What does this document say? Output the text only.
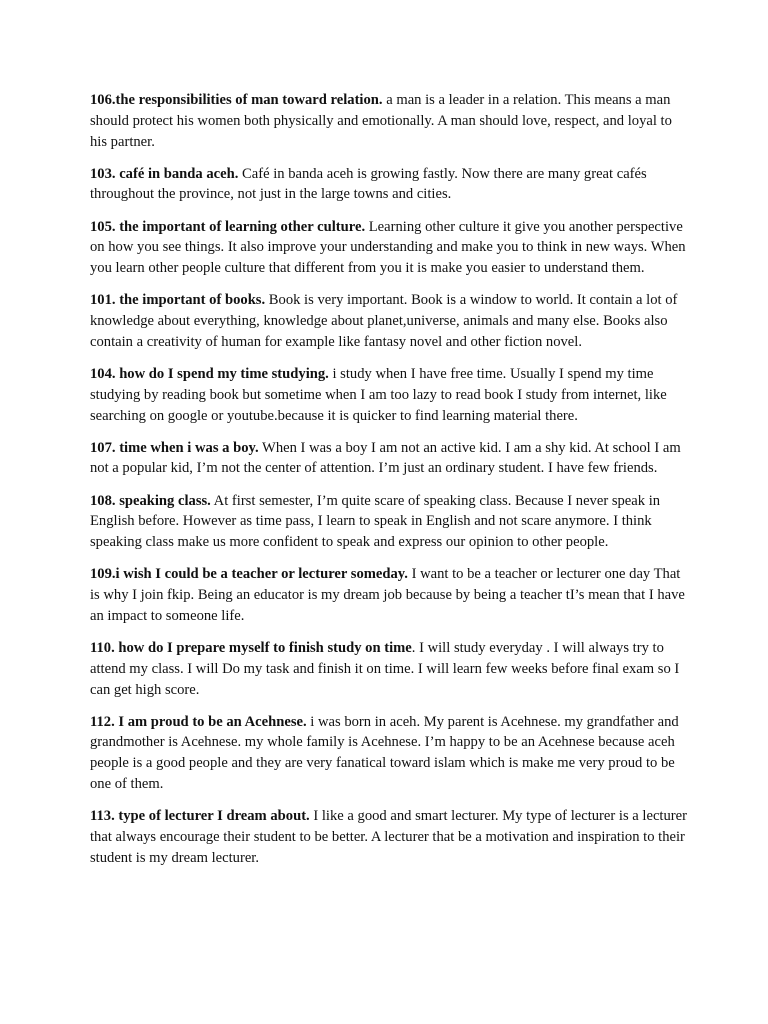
106.the responsibilities of man toward relation. a man is a leader in a relation. This means a man should protect his women both physically and emotionally. A man should love, respect, and loyal to his partner.

103. café in banda aceh. Café in banda aceh is growing fastly. Now there are many great cafés throughout the province, not just in the large towns and cities.

105. the important of learning other culture. Learning other culture it give you another perspective on how you see things. It also improve your understanding and make you to think in new ways. When you learn other people culture that different from you it is make you easier to understand them.

101. the important of books. Book is very important. Book is a window to world. It contain a lot of knowledge about everything, knowledge about planet,universe, animals and many else. Books also contain a creativity of human for example like fantasy novel and other fiction novel.

104. how do I spend my time studying. i study when I have free time. Usually I spend my time studying by reading book but sometime when I am too lazy to read book I study from internet, like searching on google or youtube.because it is quicker to find learning material there.

107. time when i was a boy. When I was a boy I am not an active kid. I am a shy kid. At school I am not a popular kid, I’m not the center of attention. I’m just an ordinary student. I have few friends.

108. speaking class. At first semester, I’m quite scare of speaking class. Because I never speak in English before. However as time pass, I learn to speak in English and not scare anymore. I think speaking class make us more confident to speak and express our opinion to other people.

109.i wish I could be a teacher or lecturer someday. I want to be a teacher or lecturer one day That is why I join fkip. Being an educator is my dream job because by being a teacher tI’s mean that I have an impact to someone life.

110. how do I prepare myself to finish study on time. I will study everyday . I will always try to attend my class. I will Do my task and finish it on time. I will learn few weeks before final exam so I can get high score.

112. I am proud to be an Acehnese. i was born in aceh. My parent is Acehnese. my grandfather and grandmother is Acehnese. my whole family is Acehnese. I’m happy to be an Acehnese because aceh people is a good people and they are very fanatical toward islam which is make me very proud to be one of them.

113. type of lecturer I dream about. I like a good and smart lecturer. My type of lecturer is a lecturer that always encourage their student to be better. A lecturer that be a motivation and inspiration to their student is my dream lecturer.
